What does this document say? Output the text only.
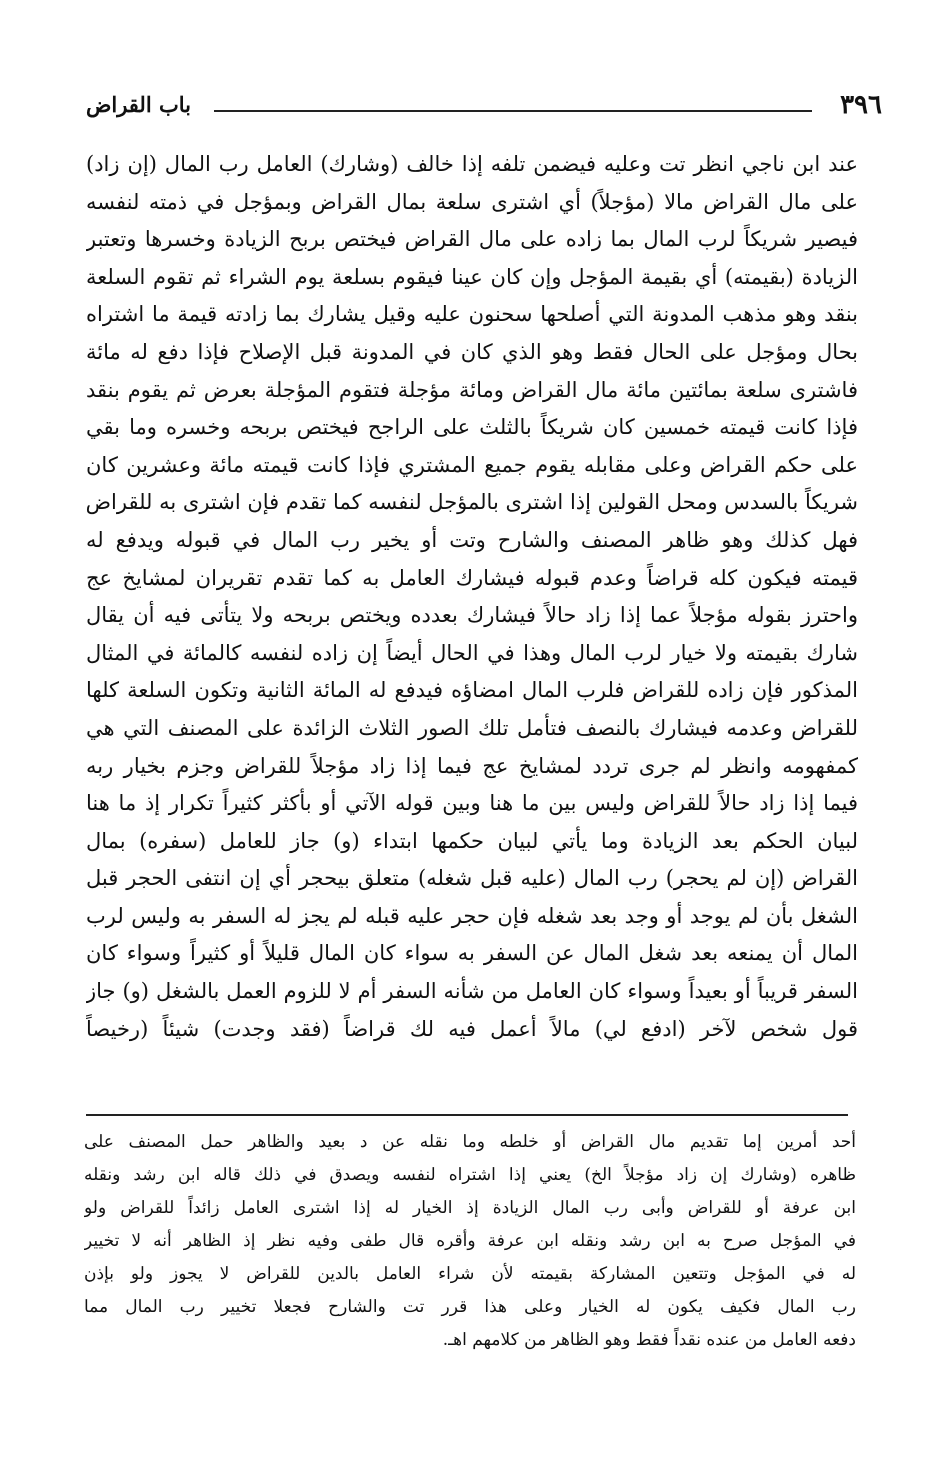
٣٩٦
باب القراض
عند ابن ناجي انظر تت وعليه فيضمن تلفه إذا خالف (وشارك) العامل رب المال (إن زاد)
على مال القراض مالا (مؤجلاً) أي اشترى سلعة بمال القراض وبمؤجل في ذمته لنفسه
فيصير شريكاً لرب المال بما زاده على مال القراض فيختص بربح الزيادة وخسرها وتعتبر
الزيادة (بقيمته) أي بقيمة المؤجل وإن كان عينا فيقوم بسلعة يوم الشراء ثم تقوم السلعة
بنقد وهو مذهب المدونة التي أصلحها سحنون عليه وقيل يشارك بما زادته قيمة ما اشتراه
بحال ومؤجل على الحال فقط وهو الذي كان في المدونة قبل الإصلاح فإذا دفع له مائة
فاشترى سلعة بمائتين مائة مال القراض ومائة مؤجلة فتقوم المؤجلة بعرض ثم يقوم بنقد
فإذا كانت قيمته خمسين كان شريكاً بالثلث على الراجح فيختص بربحه وخسره وما بقي
على حكم القراض وعلى مقابله يقوم جميع المشتري فإذا كانت قيمته مائة وعشرين كان
شريكاً بالسدس ومحل القولين إذا اشترى بالمؤجل لنفسه كما تقدم فإن اشترى به للقراض
فهل كذلك وهو ظاهر المصنف والشارح وتت أو يخير رب المال في قبوله ويدفع له
قيمته فيكون كله قراضاً وعدم قبوله فيشارك العامل به كما تقدم تقريران لمشايخ عج
واحترز بقوله مؤجلاً عما إذا زاد حالاً فيشارك بعدده ويختص بربحه ولا يتأتى فيه أن يقال
شارك بقيمته ولا خيار لرب المال وهذا في الحال أيضاً إن زاده لنفسه كالمائة في المثال
المذكور فإن زاده للقراض فلرب المال امضاؤه فيدفع له المائة الثانية وتكون السلعة كلها
للقراض وعدمه فيشارك بالنصف فتأمل تلك الصور الثلاث الزائدة على المصنف التي هي
كمفهومه وانظر لم جرى تردد لمشايخ عج فيما إذا زاد مؤجلاً للقراض وجزم بخيار ربه
فيما إذا زاد حالاً للقراض وليس بين ما هنا وبين قوله الآتي أو بأكثر كثيراً تكرار إذ ما هنا
لبيان الحكم بعد الزيادة وما يأتي لبيان حكمها ابتداء (و) جاز للعامل (سفره) بمال
القراض (إن لم يحجر) رب المال (عليه قبل شغله) متعلق بيحجر أي إن انتفى الحجر قبل
الشغل بأن لم يوجد أو وجد بعد شغله فإن حجر عليه قبله لم يجز له السفر به وليس لرب
المال أن يمنعه بعد شغل المال عن السفر به سواء كان المال قليلاً أو كثيراً وسواء كان
السفر قريباً أو بعيداً وسواء كان العامل من شأنه السفر أم لا للزوم العمل بالشغل (و) جاز
قول شخص لآخر (ادفع لي) مالاً أعمل فيه لك قراضاً (فقد وجدت) شيئاً (رخيصاً
أحد أمرين إما تقديم مال القراض أو خلطه وما نقله عن د بعيد والظاهر حمل المصنف على
ظاهره (وشارك إن زاد مؤجلاً الخ) يعني إذا اشتراه لنفسه ويصدق في ذلك قاله ابن رشد ونقله
ابن عرفة أو للقراض وأبى رب المال الزيادة إذ الخيار له إذا اشترى العامل زائداً للقراض ولو
في المؤجل صرح به ابن رشد ونقله ابن عرفة وأقره قال طفى وفيه نظر إذ الظاهر أنه لا تخيير
له في المؤجل وتتعين المشاركة بقيمته لأن شراء العامل بالدين للقراض لا يجوز ولو بإذن
رب المال فكيف يكون له الخيار وعلى هذا قرر تت والشارح فجعلا تخيير رب المال مما
دفعه العامل من عنده نقداً فقط وهو الظاهر من كلامهم اهـ.
